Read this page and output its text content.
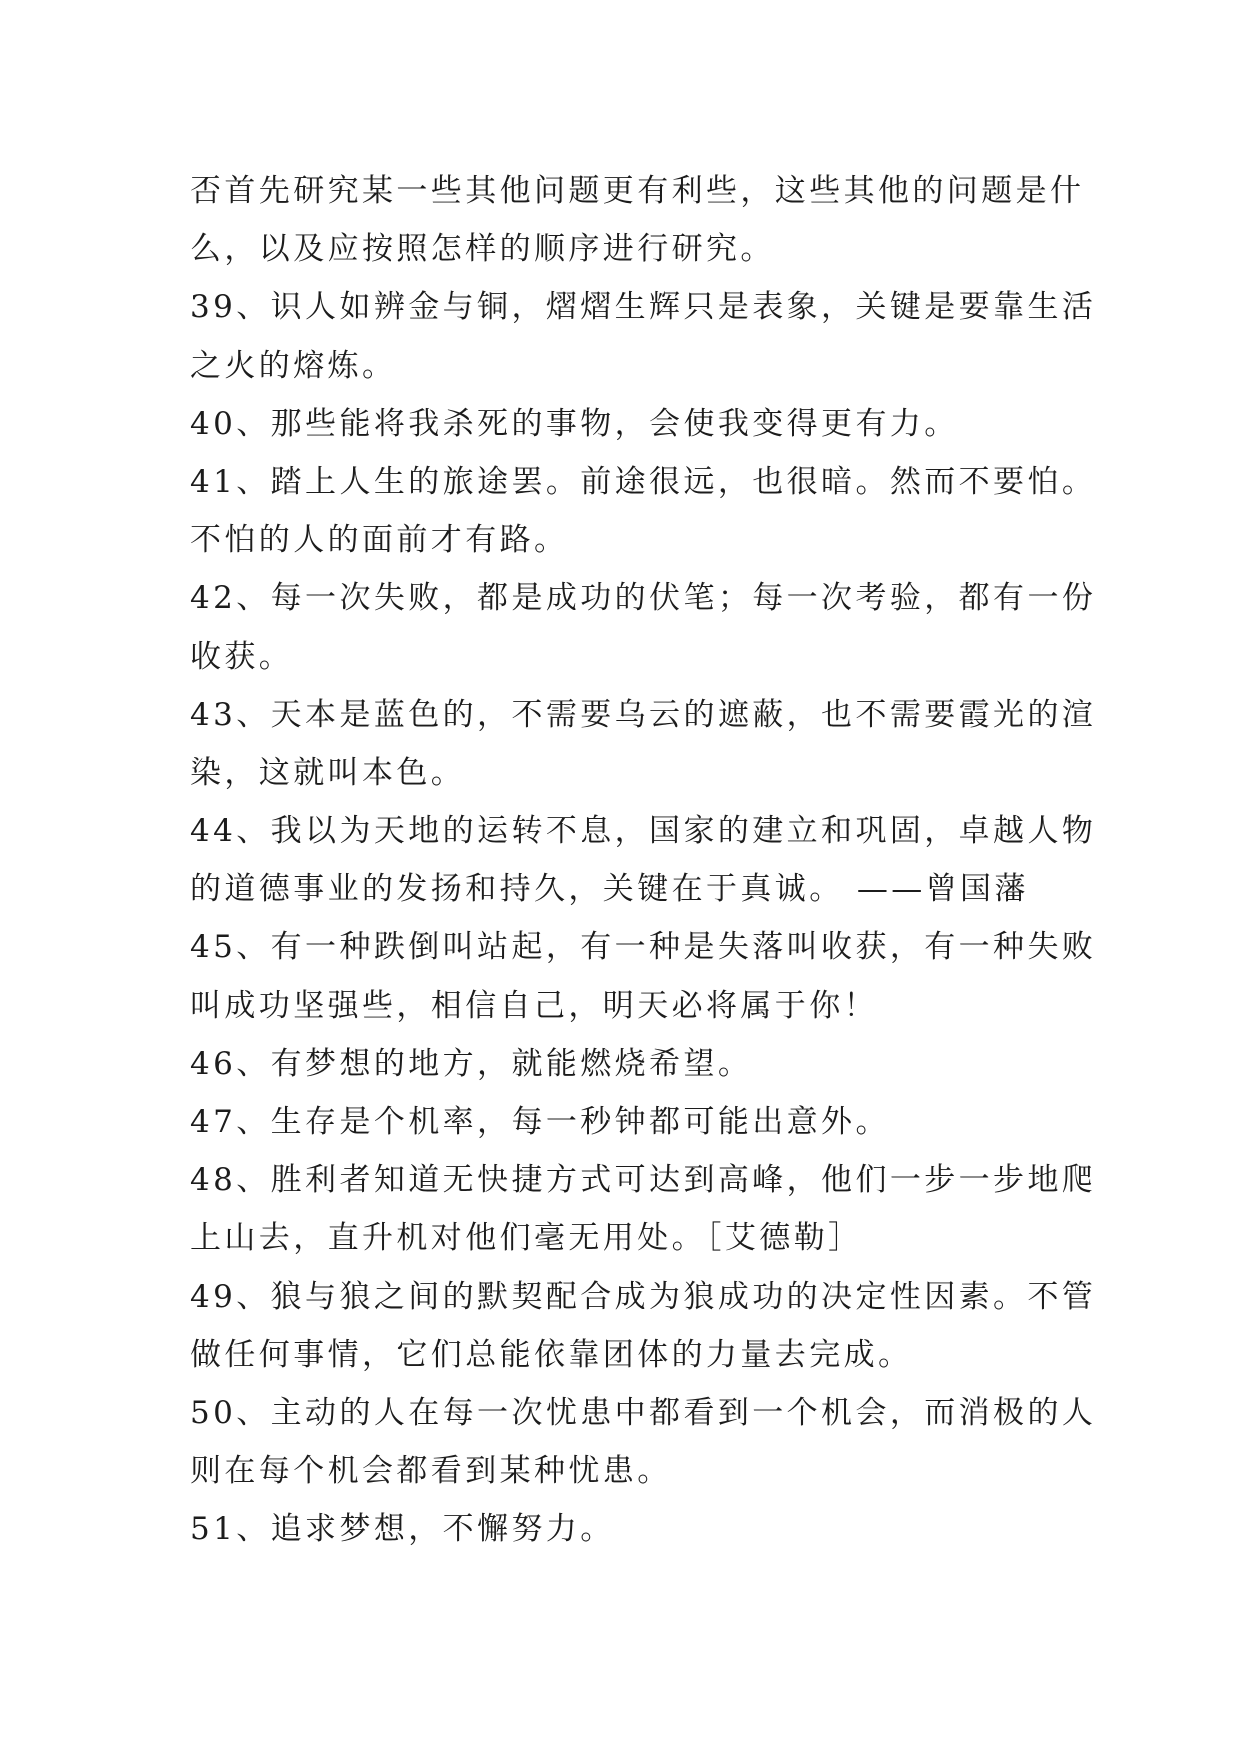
否首先研究某一些其他问题更有利些，这些其他的问题是什
么，以及应按照怎样的顺序进行研究。
39、识人如辨金与铜，熠熠生辉只是表象，关键是要靠生活
之火的熔炼。
40、那些能将我杀死的事物，会使我变得更有力。
41、踏上人生的旅途罢。前途很远，也很暗。然而不要怕。
不怕的人的面前才有路。
42、每一次失败，都是成功的伏笔；每一次考验，都有一份
收获。
43、天本是蓝色的，不需要乌云的遮蔽，也不需要霞光的渲
染，这就叫本色。
44、我以为天地的运转不息，国家的建立和巩固，卓越人物
的道德事业的发扬和持久，关键在于真诚。 ——曾国藩
45、有一种跌倒叫站起，有一种是失落叫收获，有一种失败
叫成功坚强些，相信自己，明天必将属于你！
46、有梦想的地方，就能燃烧希望。
47、生存是个机率，每一秒钟都可能出意外。
48、胜利者知道无快捷方式可达到高峰，他们一步一步地爬
上山去，直升机对他们毫无用处。［艾德勒］
49、狼与狼之间的默契配合成为狼成功的决定性因素。不管
做任何事情，它们总能依靠团体的力量去完成。
50、主动的人在每一次忧患中都看到一个机会，而消极的人
则在每个机会都看到某种忧患。
51、追求梦想，不懈努力。
